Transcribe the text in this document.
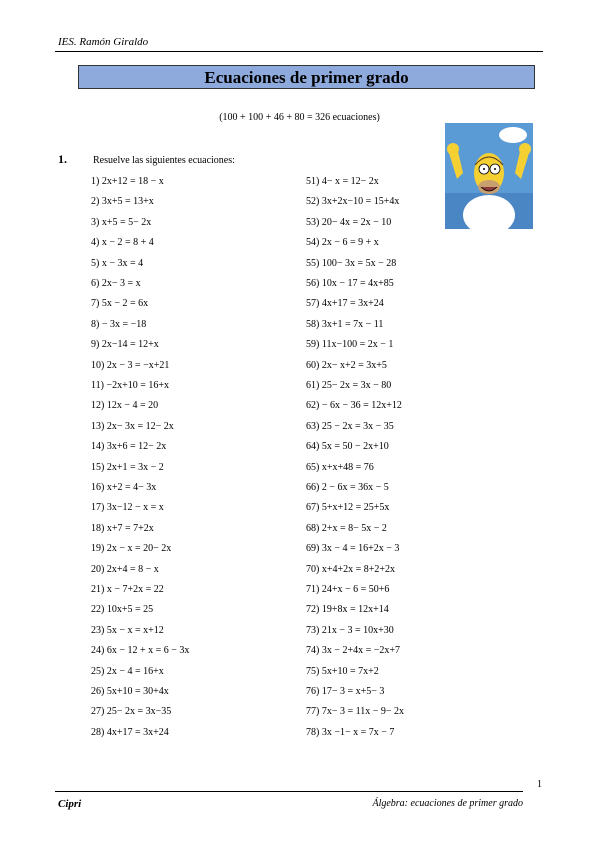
IES. Ramón Giraldo
Ecuaciones de primer grado
(100 + 100 + 46 + 80 = 326 ecuaciones)
1.	Resuelve las siguientes ecuaciones:
1) 2x+12 = 18 − x
2) 3x+5 = 13+x
3) x+5 = 5− 2x
4) x − 2 = 8 + 4
5) x − 3x = 4
6) 2x− 3 = x
7) 5x − 2 = 6x
8) − 3x = −18
9) 2x−14 = 12+x
10) 2x − 3 = −x+21
11) −2x+10 = 16+x
12) 12x − 4 = 20
13) 2x− 3x = 12− 2x
14) 3x+6 = 12− 2x
15) 2x+1 = 3x − 2
16) x+2 = 4− 3x
17) 3x−12 − x = x
18) x+7 = 7+2x
19) 2x − x = 20− 2x
20) 2x+4 = 8 − x
21) x − 7+2x = 22
22) 10x+5 = 25
23) 5x − x = x+12
24) 6x − 12 + x = 6 − 3x
25) 2x − 4 = 16+x
26) 5x+10 = 30+4x
27) 25− 2x = 3x−35
28) 4x+17 = 3x+24
51) 4− x = 12− 2x
52) 3x+2x−10 = 15+4x
53) 20− 4x = 2x − 10
54) 2x − 6 = 9 + x
55) 100− 3x = 5x − 28
56) 10x − 17 = 4x+85
57) 4x+17 = 3x+24
58) 3x+1 = 7x − 11
59) 11x−100 = 2x − 1
60) 2x− x+2 = 3x+5
61) 25− 2x = 3x − 80
62) − 6x − 36 = 12x+12
63) 25 − 2x = 3x − 35
64) 5x = 50 − 2x+10
65) x+x+48 = 76
66) 2 − 6x = 36x − 5
67) 5+x+12 = 25+5x
68) 2+x = 8− 5x − 2
69) 3x − 4 = 16+2x − 3
70) x+4+2x = 8+2+2x
71) 24+x − 6 = 50+6
72) 19+8x = 12x+14
73) 21x − 3 = 10x+30
74) 3x − 2+4x = −2x+7
75) 5x+10 = 7x+2
76) 17− 3 = x+5− 3
77) 7x− 3 = 11x − 9− 2x
78) 3x −1− x = 7x − 7
1
Cipri	Álgebra: ecuaciones de primer grado
